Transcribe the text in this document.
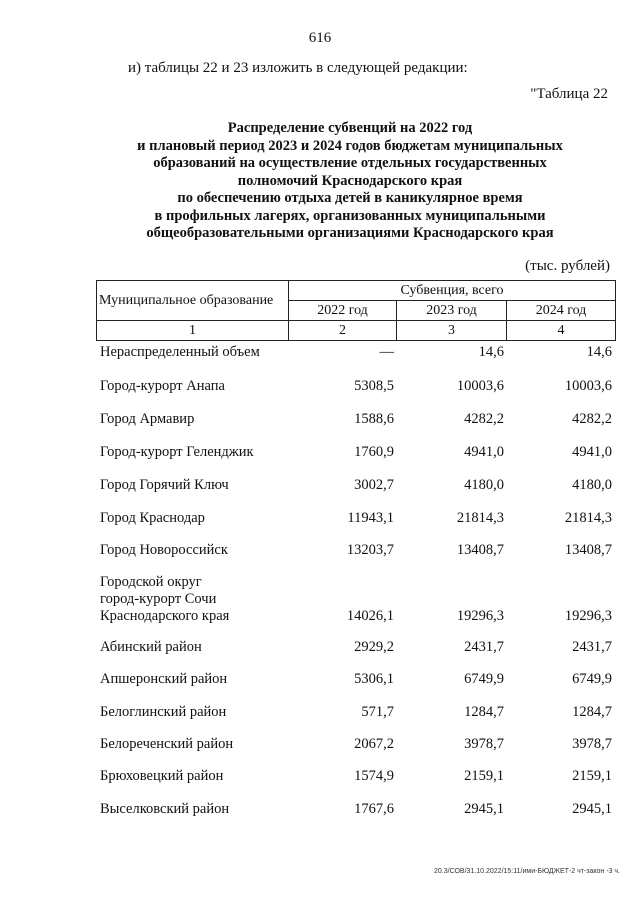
616
и) таблицы 22 и 23 изложить в следующей редакции:
"Таблица 22
Распределение субвенций на 2022 год
и плановый период 2023 и 2024 годов бюджетам муниципальных
образований на осуществление отдельных государственных
полномочий Краснодарского края
по обеспечению отдыха детей в каникулярное время
в профильных лагерях, организованных муниципальными
общеобразовательными организациями Краснодарского края
(тыс. рублей)
Муниципальное образование	Субвенция, всего		
	2022 год	2023 год	2024 год
1	2	3	4
Нераспределенный объем	—	14,6	14,6
Город-курорт Анапа	5308,5	10003,6	10003,6
Город Армавир	1588,6	4282,2	4282,2
Город-курорт Геленджик	1760,9	4941,0	4941,0
Город Горячий Ключ	3002,7	4180,0	4180,0
Город Краснодар	11943,1	21814,3	21814,3
Город Новороссийск	13203,7	13408,7	13408,7
Городской округ
город-курорт Сочи
Краснодарского края	14026,1	19296,3	19296,3
Абинский район	2929,2	2431,7	2431,7
Апшеронский район	5306,1	6749,9	6749,9
Белоглинский район	571,7	1284,7	1284,7
Белореченский район	2067,2	3978,7	3978,7
Брюховецкий район	1574,9	2159,1	2159,1
Выселковский район	1767,6	2945,1	2945,1
20.3/СОВ/31.10.2022/15:11/ими-БЮДЖЕТ-2 чт-закон -3 ч.
